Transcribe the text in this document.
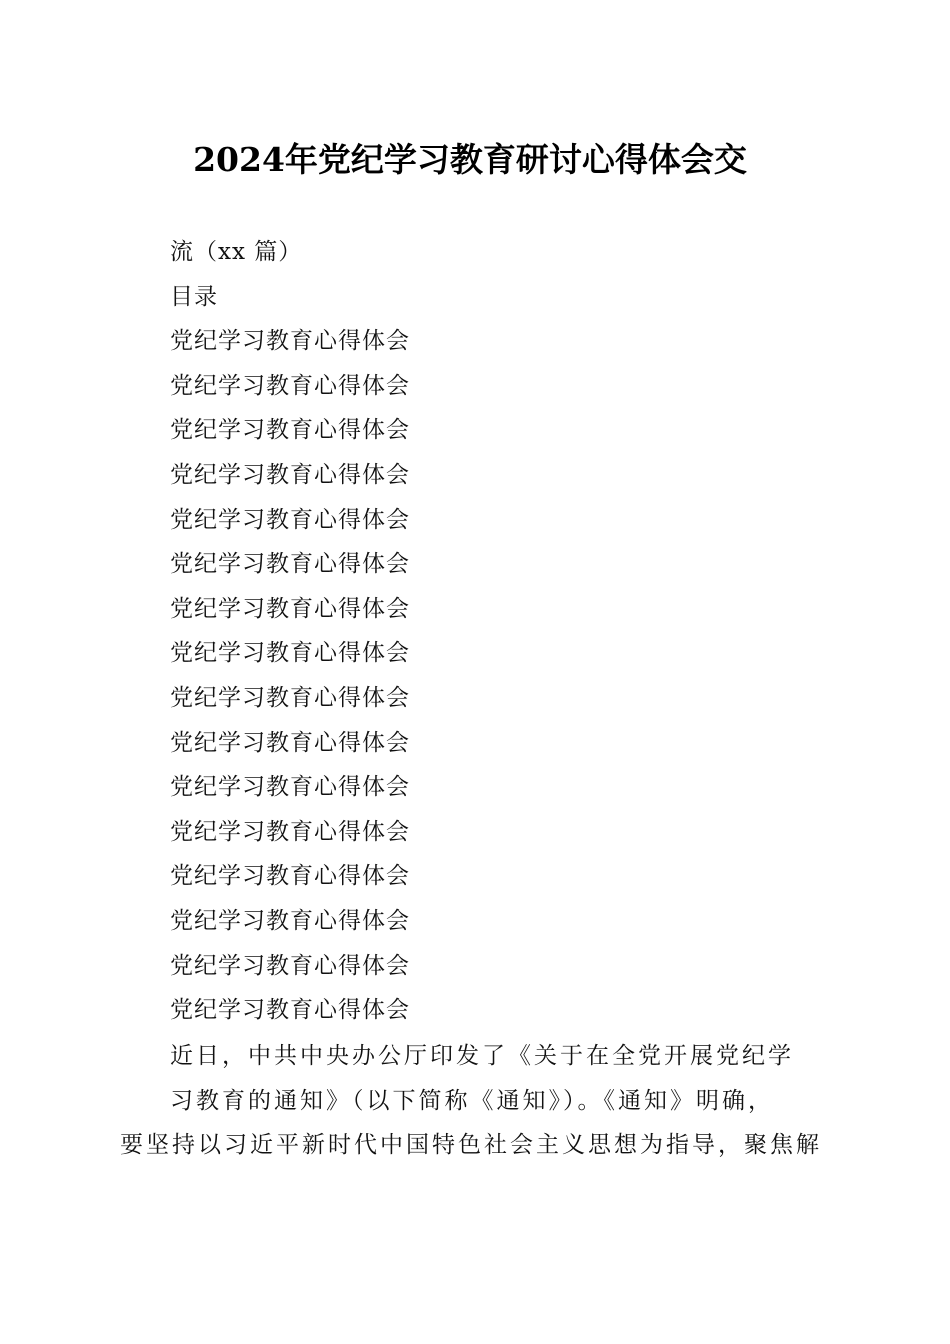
2024年党纪学习教育研讨心得体会交
流（xx 篇）
目录
党纪学习教育心得体会
党纪学习教育心得体会
党纪学习教育心得体会
党纪学习教育心得体会
党纪学习教育心得体会
党纪学习教育心得体会
党纪学习教育心得体会
党纪学习教育心得体会
党纪学习教育心得体会
党纪学习教育心得体会
党纪学习教育心得体会
党纪学习教育心得体会
党纪学习教育心得体会
党纪学习教育心得体会
党纪学习教育心得体会
党纪学习教育心得体会
近日，中共中央办公厅印发了《关于在全党开展党纪学
习教育的通知》（以下简称《通知》）。《通知》明确，
要坚持以习近平新时代中国特色社会主义思想为指导，聚焦解
